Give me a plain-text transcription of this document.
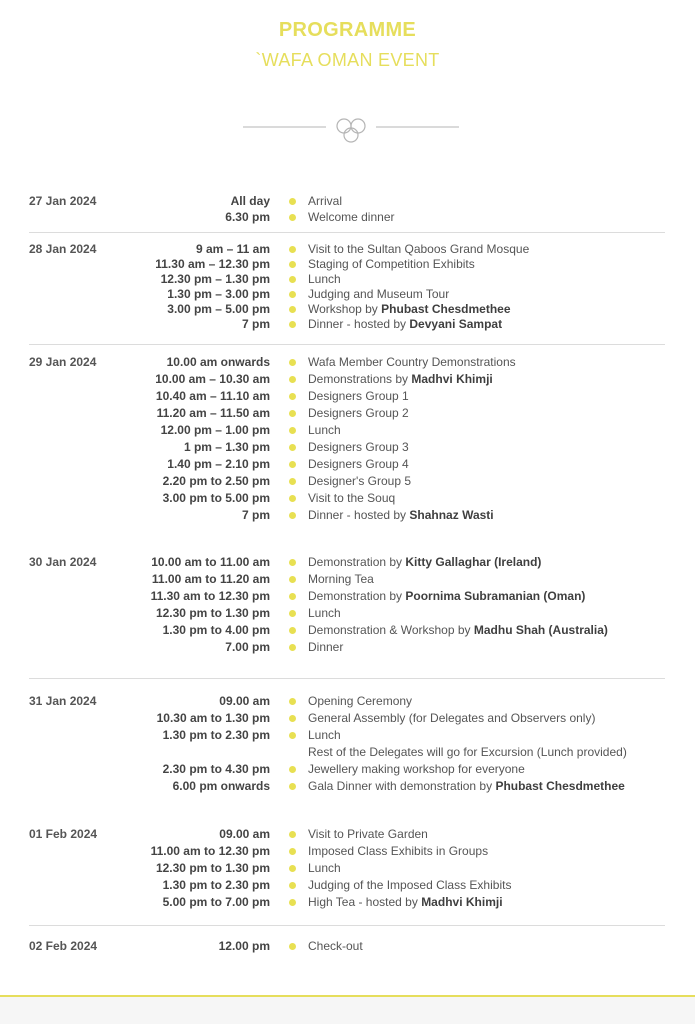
PROGRAMME
`WAFA OMAN EVENT
27 Jan 2024	All day	Arrival
6.30 pm	Welcome dinner
28 Jan 2024	9 am – 11 am	Visit to the Sultan Qaboos Grand Mosque
11.30 am – 12.30 pm	Staging of Competition Exhibits
12.30 pm – 1.30 pm	Lunch
1.30 pm – 3.00 pm	Judging and Museum Tour
3.00 pm – 5.00 pm	Workshop by Phubast Chesdmethee
7 pm	Dinner - hosted by Devyani Sampat
29 Jan 2024	10.00 am onwards	Wafa Member Country Demonstrations
10.00 am – 10.30 am	Demonstrations by Madhvi Khimji
10.40 am – 11.10 am	Designers Group 1
11.20 am – 11.50 am	Designers Group 2
12.00 pm – 1.00 pm	Lunch
1 pm – 1.30 pm	Designers Group 3
1.40 pm – 2.10 pm	Designers Group 4
2.20 pm to 2.50 pm	Designer's Group 5
3.00 pm to 5.00 pm	Visit to the Souq
7 pm	Dinner - hosted by Shahnaz Wasti
30 Jan 2024	10.00 am to 11.00 am	Demonstration by Kitty Gallaghar (Ireland)
11.00 am to 11.20 am	Morning Tea
11.30 am to 12.30 pm	Demonstration by Poornima Subramanian (Oman)
12.30 pm to 1.30 pm	Lunch
1.30 pm to 4.00 pm	Demonstration & Workshop by Madhu Shah (Australia)
7.00 pm	Dinner
31 Jan 2024	09.00 am	Opening Ceremony
10.30 am to 1.30 pm	General Assembly (for Delegates and Observers only)
1.30 pm to 2.30 pm	Lunch
Rest of the Delegates will go for Excursion (Lunch provided)
2.30 pm to 4.30 pm	Jewellery making workshop for everyone
6.00 pm onwards	Gala Dinner with demonstration by Phubast Chesdmethee
01 Feb 2024	09.00 am	Visit to Private Garden
11.00 am to 12.30 pm	Imposed Class Exhibits in Groups
12.30 pm to 1.30 pm	Lunch
1.30 pm to 2.30 pm	Judging of the Imposed Class Exhibits
5.00 pm to 7.00 pm	High Tea - hosted by Madhvi Khimji
02 Feb 2024	12.00 pm	Check-out
